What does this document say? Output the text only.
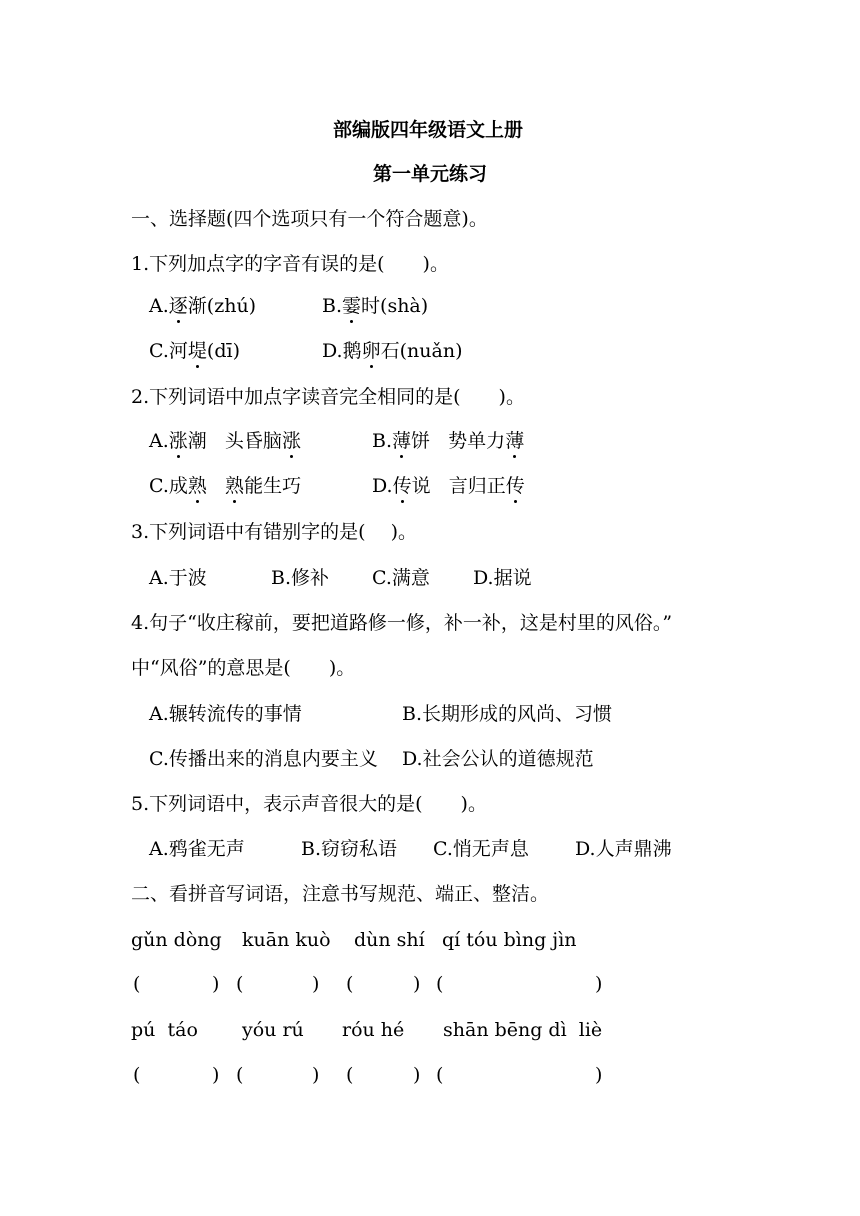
部编版四年级语文上册
第一单元练习
一、选择题(四个选项只有一个符合题意)。
1.下列加点字的字音有误的是(　　)。
A.逐渐(zhú)	B.霎时(shà)
C.河堤(dī)	D.鹅卵石(nuǎn)
2.下列词语中加点字读音完全相同的是(　　)。
A.涨潮 头昏脑涨	B.薄饼 势单力薄
C.成熟 熟能生巧	D.传说 言归正传
3.下列词语中有错别字的是(　 )。
A.于波	B.修补 C.满意 D.据说
4.句子“收庄稼前，要把道路修一修，补一补，这是村里的风俗。”
中“风俗”的意思是(　　)。
A.辗转流传的事情	B.长期形成的风尚、习惯
C.传播出来的消息内要主义 D.社会公认的道德规范
5.下列词语中，表示声音很大的是(　　)。
A.鸦雀无声	B.窃窃私语 C.悄无声息 D.人声鼎沸
二、看拼音写词语，注意书写规范、端正、整洁。
gǔn dòng kuān kuò dùn shí qí tóu bìng jìn
(	) (	) (	) (	)
pú  táo yóu rú róu hé shān bēng dì  liè
(	) (	) (	) (	)
